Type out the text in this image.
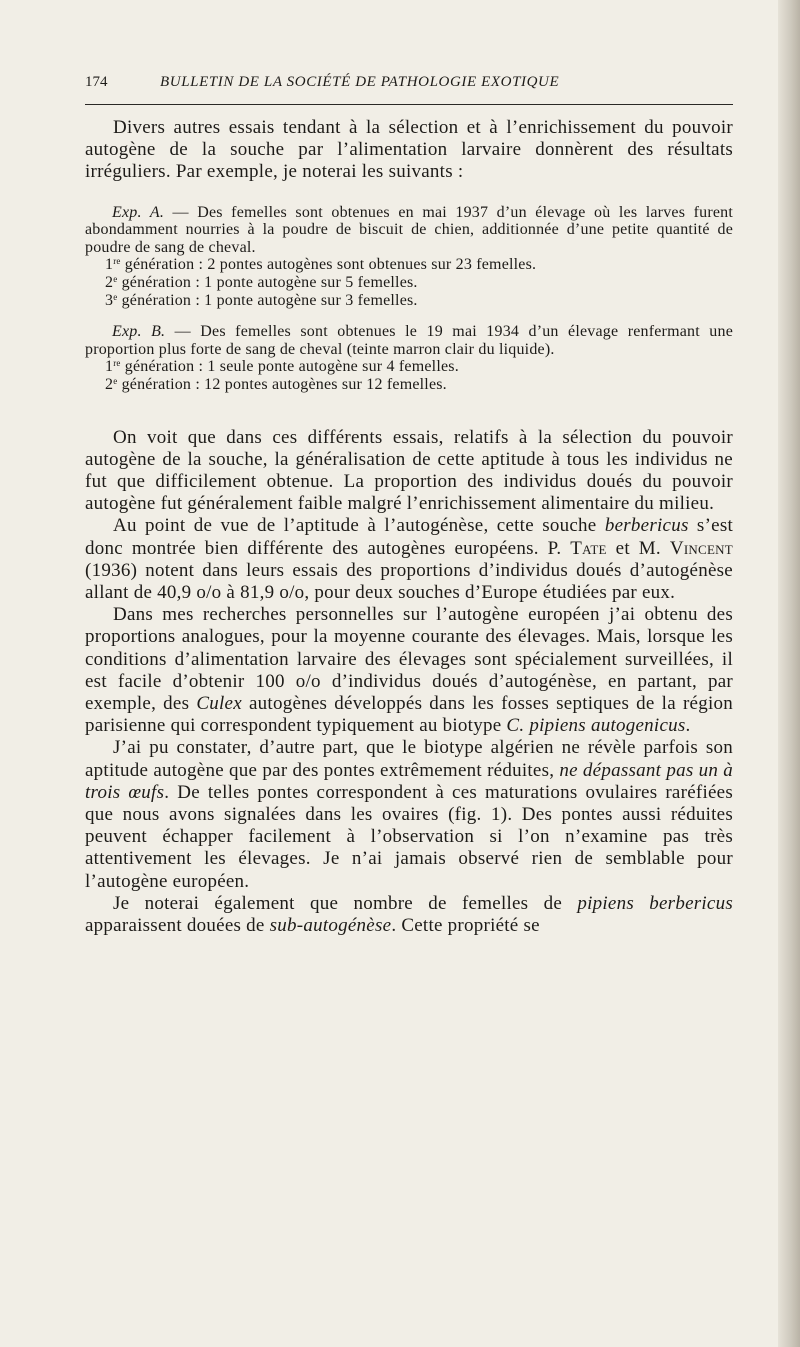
174	BULLETIN DE LA SOCIÉTÉ DE PATHOLOGIE EXOTIQUE

Divers autres essais tendant à la sélection et à l’enrichissement du pouvoir autogène de la souche par l’alimentation larvaire donnèrent des résultats irréguliers. Par exemple, je noterai les suivants :

Exp. A. — Des femelles sont obtenues en mai 1937 d’un élevage où les larves furent abondamment nourries à la poudre de biscuit de chien, additionnée d’une petite quantité de poudre de sang de cheval.

1re génération : 2 pontes autogènes sont obtenues sur 23 femelles.

2e génération : 1 ponte autogène sur 5 femelles.

3e génération : 1 ponte autogène sur 3 femelles.

Exp. B. — Des femelles sont obtenues le 19 mai 1934 d’un élevage renfermant une proportion plus forte de sang de cheval (teinte marron clair du liquide).

1re génération : 1 seule ponte autogène sur 4 femelles.

2e génération : 12 pontes autogènes sur 12 femelles.

On voit que dans ces différents essais, relatifs à la sélection du pouvoir autogène de la souche, la généralisation de cette aptitude à tous les individus ne fut que difficilement obtenue. La proportion des individus doués du pouvoir autogène fut généralement faible malgré l’enrichissement alimentaire du milieu.

Au point de vue de l’aptitude à l’autogénèse, cette souche berbericus s’est donc montrée bien différente des autogènes européens. P. Tate et M. Vincent (1936) notent dans leurs essais des proportions d’individus doués d’autogénèse allant de 40,9 o/o à 81,9 o/o, pour deux souches d’Europe étudiées par eux.

Dans mes recherches personnelles sur l’autogène européen j’ai obtenu des proportions analogues, pour la moyenne courante des élevages. Mais, lorsque les conditions d’alimentation larvaire des élevages sont spécialement surveillées, il est facile d’obtenir 100 o/o d’individus doués d’autogénèse, en partant, par exemple, des Culex autogènes développés dans les fosses septiques de la région parisienne qui correspondent typiquement au biotype C. pipiens autogenicus.

J’ai pu constater, d’autre part, que le biotype algérien ne révèle parfois son aptitude autogène que par des pontes extrêmement réduites, ne dépassant pas un à trois œufs. De telles pontes correspondent à ces maturations ovulaires raréfiées que nous avons signalées dans les ovaires (fig. 1). Des pontes aussi réduites peuvent échapper facilement à l’observation si l’on n’examine pas très attentivement les élevages. Je n’ai jamais observé rien de semblable pour l’autogène européen.

Je noterai également que nombre de femelles de pipiens berbericus apparaissent douées de sub-autogénèse. Cette propriété se
